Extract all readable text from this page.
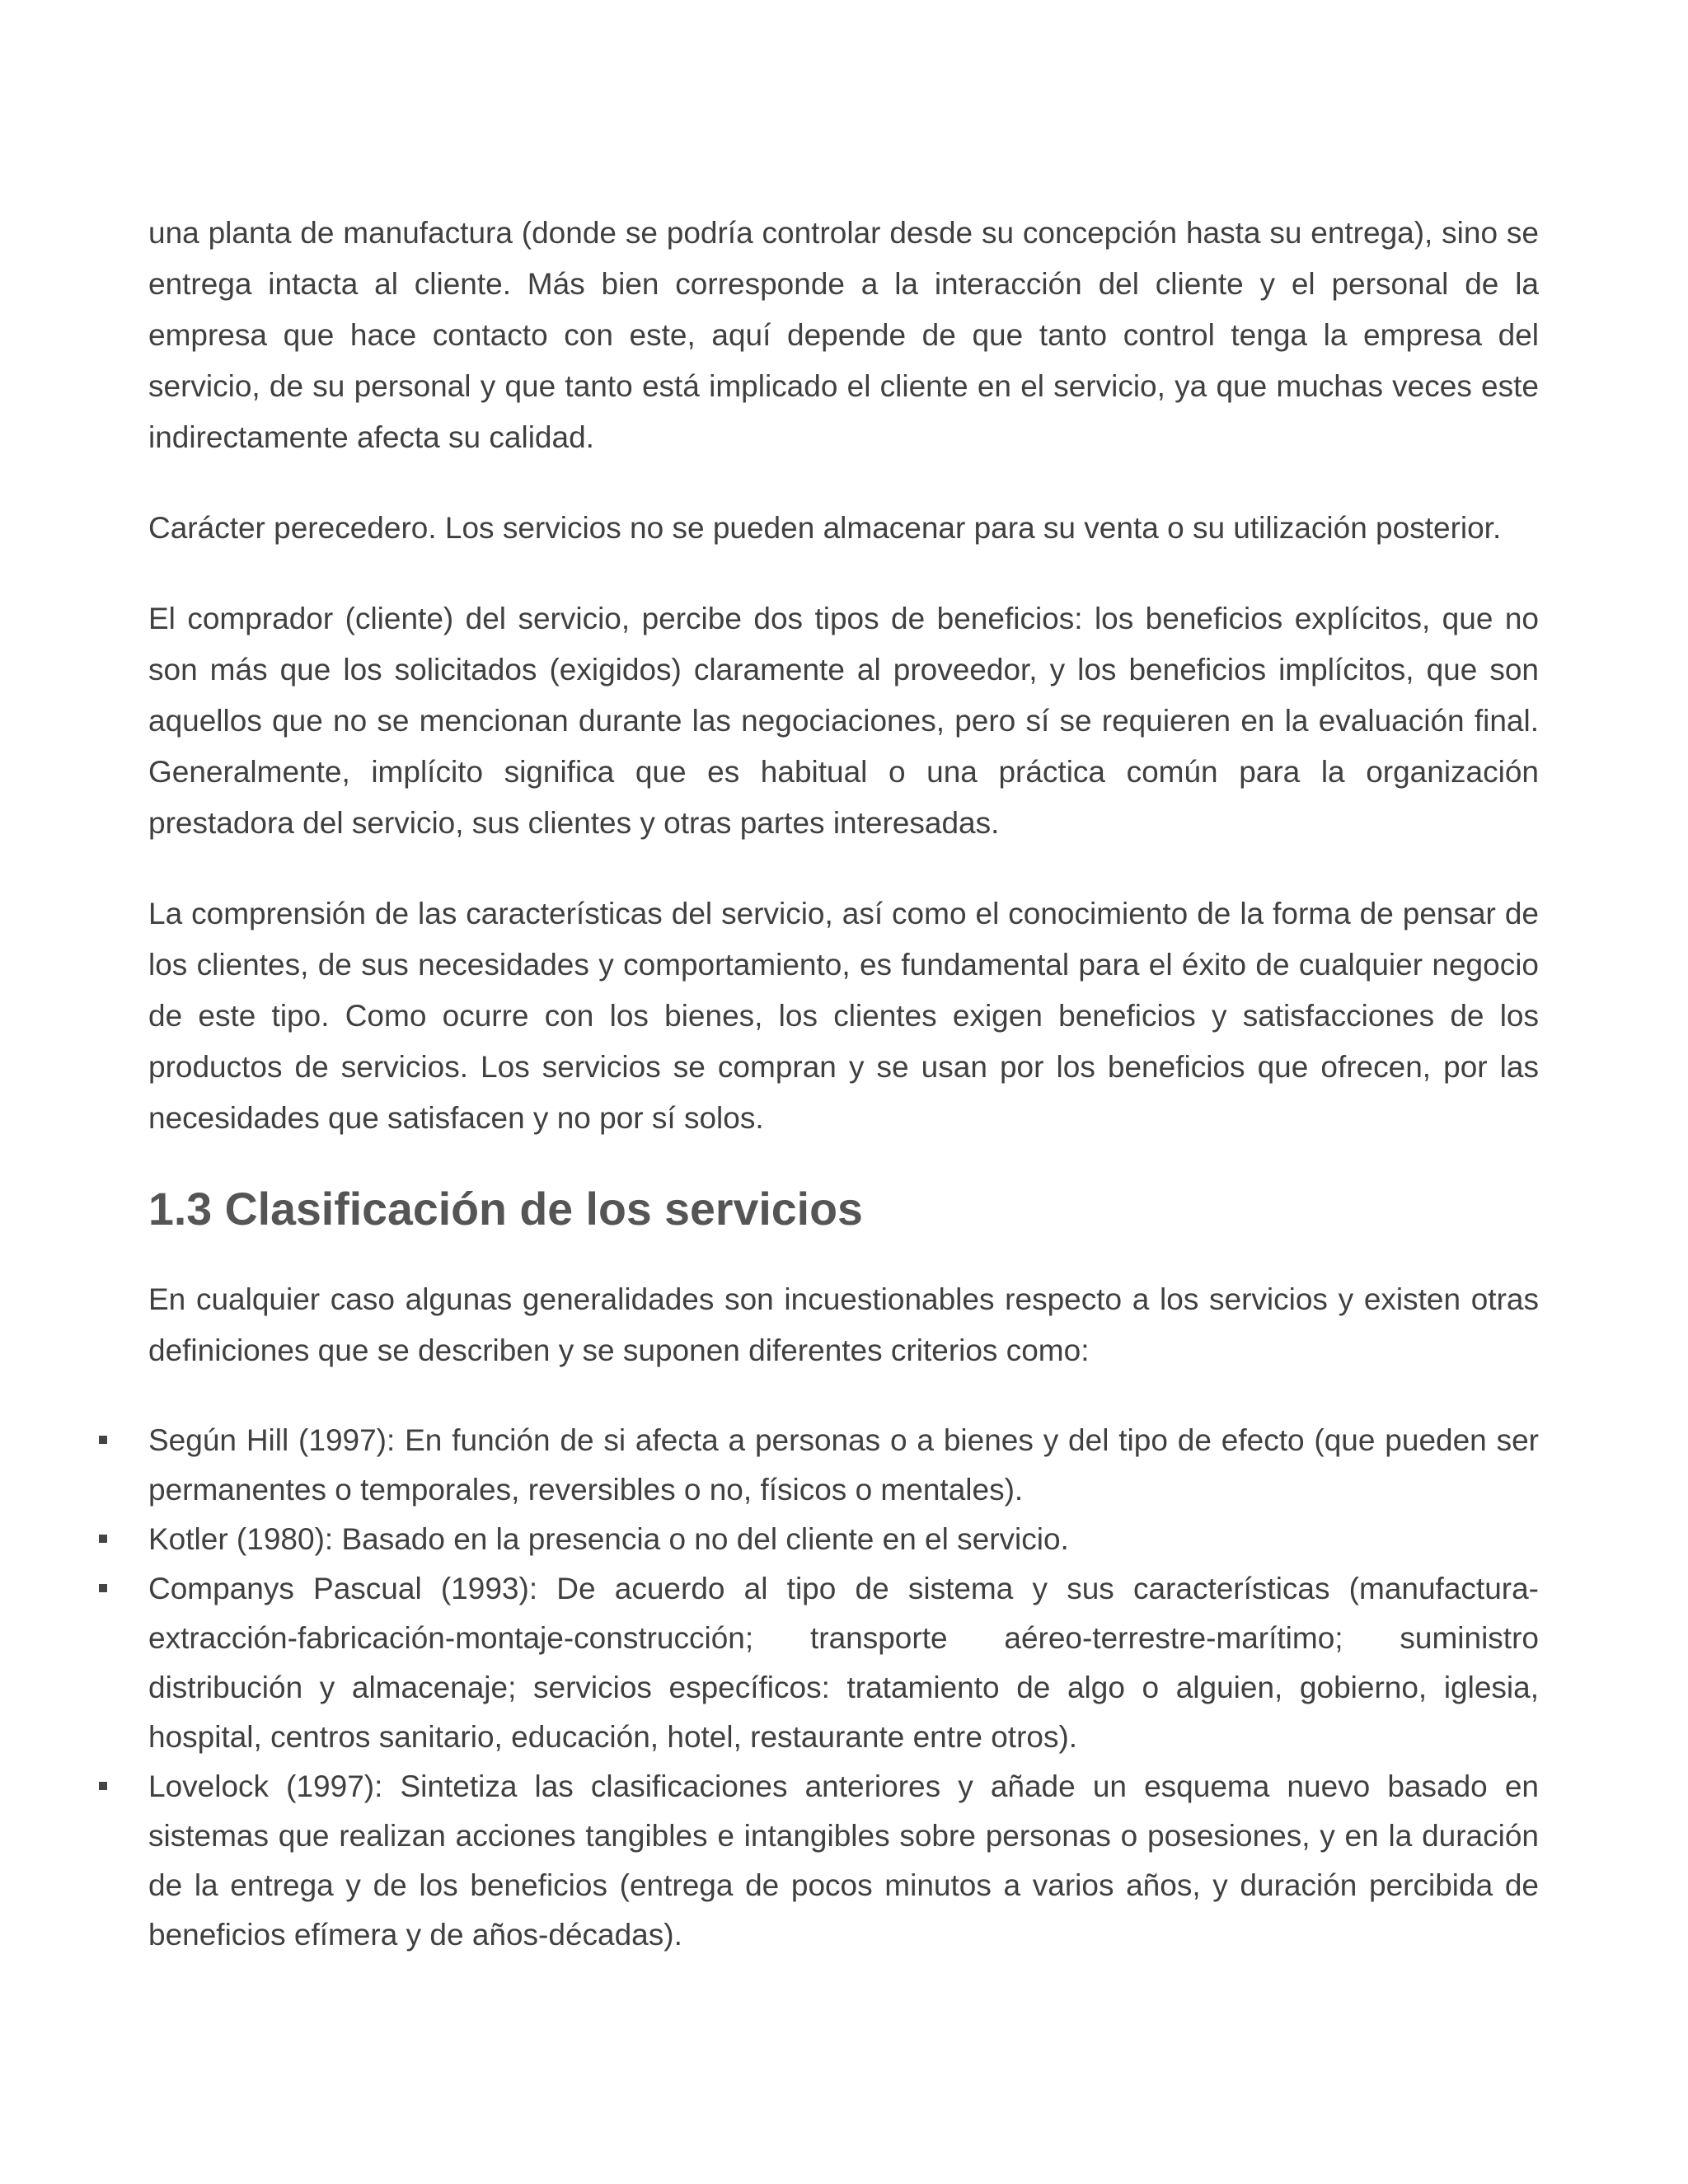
una planta de manufactura (donde se podría controlar desde su concepción hasta su entrega), sino se entrega intacta al cliente. Más bien corresponde a la interacción del cliente y el personal de la empresa que hace contacto con este, aquí depende de que tanto control tenga la empresa del servicio, de su personal y que tanto está implicado el cliente en el servicio, ya que muchas veces este indirectamente afecta su calidad.

Carácter perecedero. Los servicios no se pueden almacenar para su venta o su utilización posterior.

El comprador (cliente) del servicio, percibe dos tipos de beneficios: los beneficios explícitos, que no son más que los solicitados (exigidos) claramente al proveedor, y los beneficios implícitos, que son aquellos que no se mencionan durante las negociaciones, pero sí se requieren en la evaluación final. Generalmente, implícito significa que es habitual o una práctica común para la organización prestadora del servicio, sus clientes y otras partes interesadas.

La comprensión de las características del servicio, así como el conocimiento de la forma de pensar de los clientes, de sus necesidades y comportamiento, es fundamental para el éxito de cualquier negocio de este tipo. Como ocurre con los bienes, los clientes exigen beneficios y satisfacciones de los productos de servicios. Los servicios se compran y se usan por los beneficios que ofrecen, por las necesidades que satisfacen y no por sí solos.

1.3 Clasificación de los servicios

En cualquier caso algunas generalidades son incuestionables respecto a los servicios y existen otras definiciones que se describen y se suponen diferentes criterios como:

Según Hill (1997): En función de si afecta a personas o a bienes y del tipo de efecto (que pueden ser permanentes o temporales, reversibles o no, físicos o mentales).
Kotler (1980): Basado en la presencia o no del cliente en el servicio.
Companys Pascual (1993): De acuerdo al tipo de sistema y sus características (manufactura-extracción-fabricación-montaje-construcción; transporte aéreo-terrestre-marítimo; suministro distribución y almacenaje; servicios específicos: tratamiento de algo o alguien, gobierno, iglesia, hospital, centros sanitario, educación, hotel, restaurante entre otros).
Lovelock (1997): Sintetiza las clasificaciones anteriores y añade un esquema nuevo basado en sistemas que realizan acciones tangibles e intangibles sobre personas o posesiones, y en la duración de la entrega y de los beneficios (entrega de pocos minutos a varios años, y duración percibida de beneficios efímera y de años-décadas).
